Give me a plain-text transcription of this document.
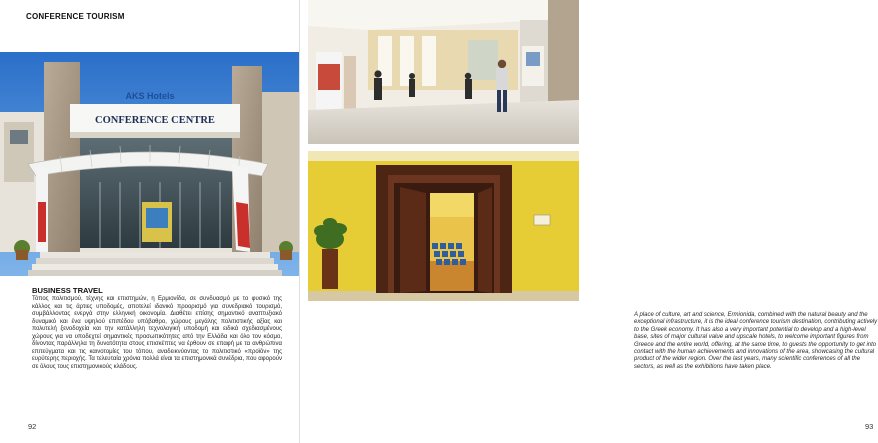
CONFERENCE TOURISM
AKS Hotels
CONFERENCE CENTRE
BUSINESS TRAVEL
Τόπος πολιτισμού, τέχνης και επιστημών, η Ερμιονίδα, σε συνδυασμό με το φυσικό της κάλλος και τις άρτιες υποδομές, αποτελεί ιδανικό προορισμό για συνεδριακό τουρισμό, συμβάλλοντας ενεργά στην ελληνική οικονομία. Διαθέτει επίσης σημαντικό αναπτυξιακό δυναμικό και ένα υψηλού επιπέδου υπόβαθρο, χώρους μεγάλης πολιτιστικής αξίας και πολυτελή ξενοδοχεία και την κατάλληλη τεχνολογική υποδομή και ειδικά σχεδιασμένους χώρους για να υποδεχτεί σημαντικές προσωπικότητες από την Ελλάδα και όλο τον κόσμο, δίνοντας παράλληλα τη δυνατότητα στους επισκέπτες να έρθουν σε επαφή με τα ανθρώπινα επιτεύγματα και τις καινοτομίες του τόπου, αναδεικνύοντας το πολιτιστικό «προϊόν» της ευρύτερης περιοχής. Τα τελευταία χρόνια πολλά είναι τα επιστημονικά συνέδρια, που αφορούν σε όλους τους επιστημονικούς κλάδους.
92
A place of culture, art and science, Ermionida, combined with the natural beauty and the exceptional infrastructure, it is the ideal conference tourism destination, contributing actively to the Greek economy. It has also a very important potential to develop and a high-level base, sites of major cultural value and upscale hotels, to welcome important figures from Greece and the entire world, offering, at the same time, to guests the opportunity to get into contact with the human achievements and innovations of the area, showcasing the cultural product of the wider region. Over the last years, many scientific conferences of all the sectors, as well as the exhibitions have taken place.
93
